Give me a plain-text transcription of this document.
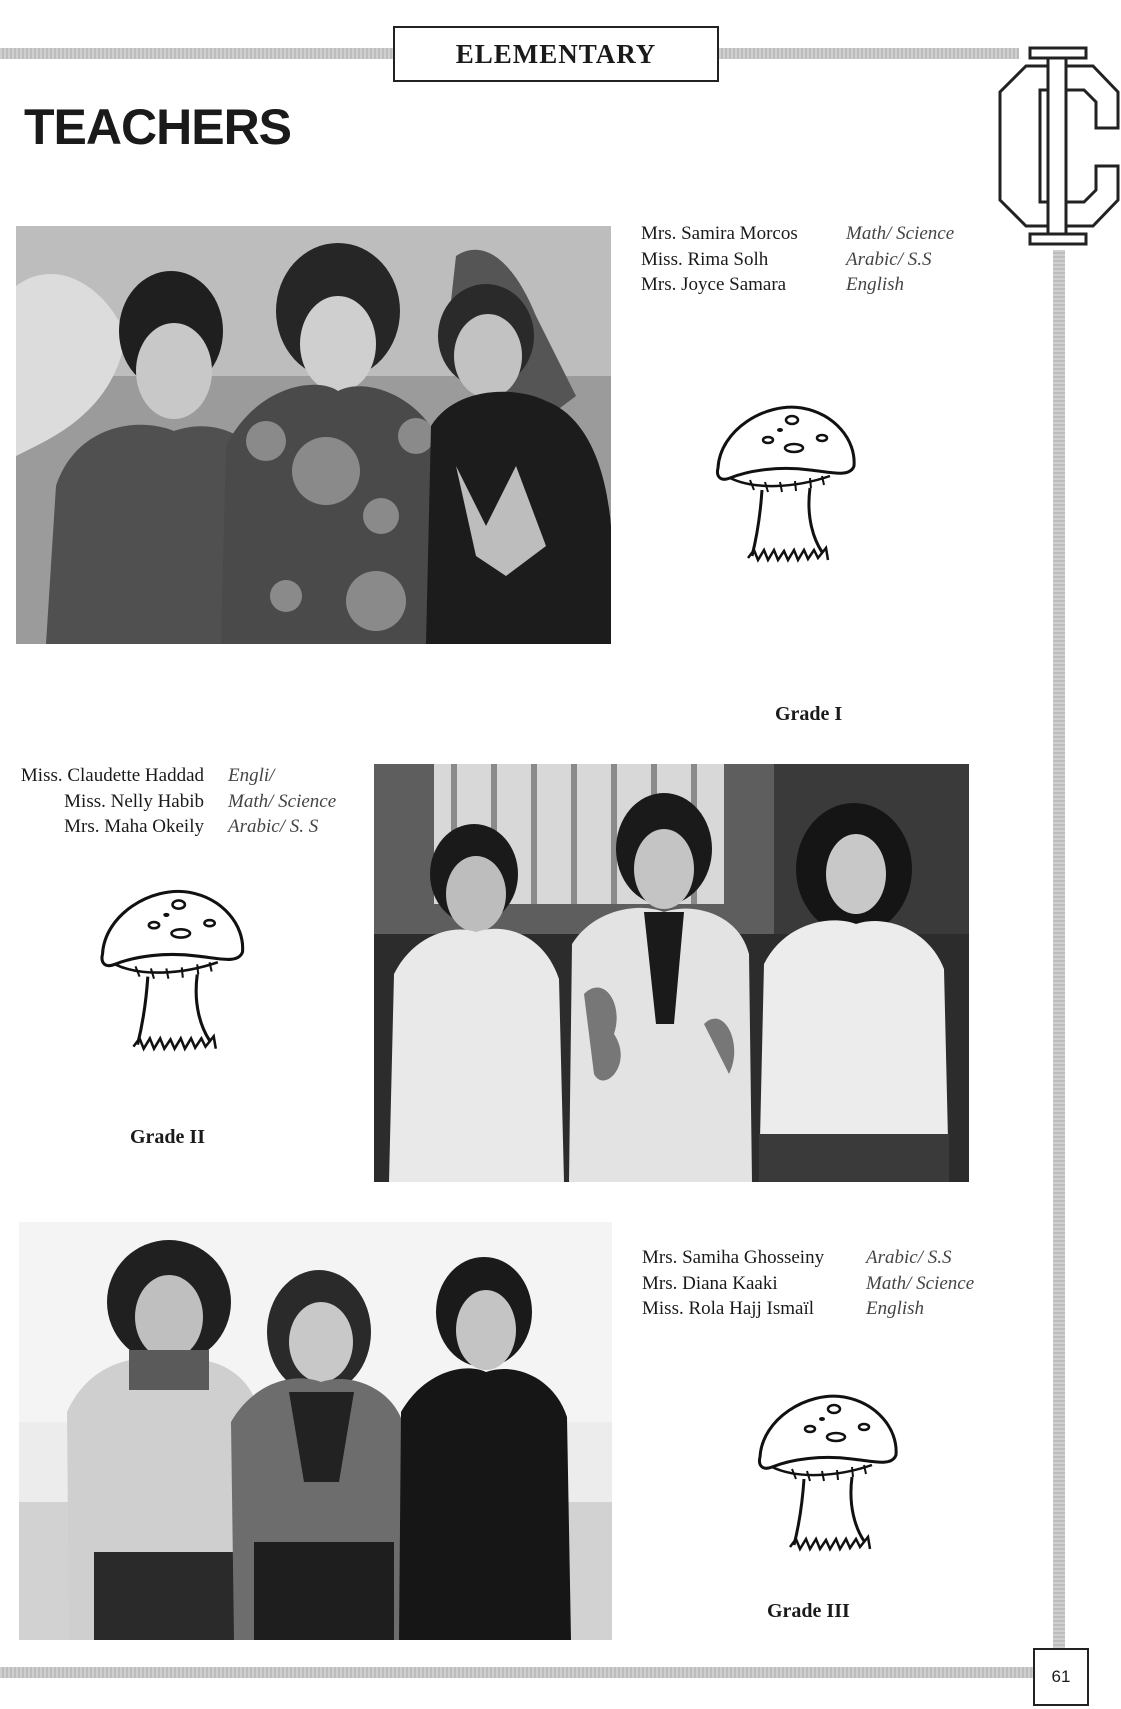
ELEMENTARY
TEACHERS
Mrs. Samira Morcos	Math/ Science
Miss. Rima Solh	Arabic/ S.S
Mrs. Joyce Samara	English
Grade I
Miss. Claudette Haddad	Engli/
Miss. Nelly Habib	Math/ Science
Mrs. Maha Okeily	Arabic/ S. S
Grade II
Mrs. Samiha Ghosseiny	Arabic/ S.S
Mrs. Diana Kaaki	Math/ Science
Miss. Rola Hajj Ismaïl	English
Grade III
61
